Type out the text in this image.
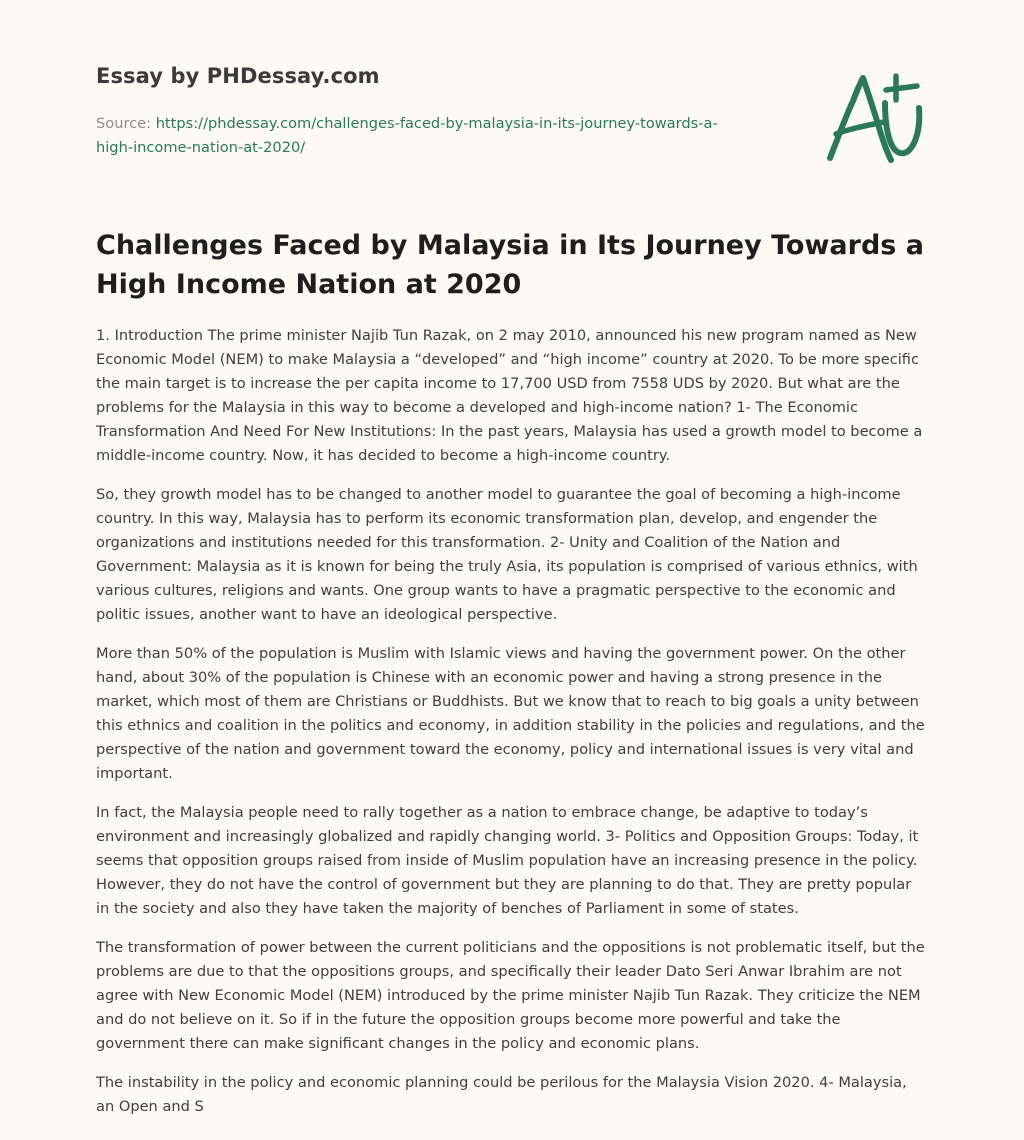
Essay by PHDessay.com
Source: https://phdessay.com/challenges-faced-by-malaysia-in-its-journey-towards-a-high-income-nation-at-2020/
Challenges Faced by Malaysia in Its Journey Towards a High Income Nation at 2020

1. Introduction The prime minister Najib Tun Razak, on 2 may 2010, announced his new program named as New Economic Model (NEM) to make Malaysia a “developed” and “high income” country at 2020. To be more specific the main target is to increase the per capita income to 17,700 USD from 7558 UDS by 2020. But what are the problems for the Malaysia in this way to become a developed and high-income nation? 1- The Economic Transformation And Need For New Institutions: In the past years, Malaysia has used a growth model to become a middle-income country. Now, it has decided to become a high-income country.

So, they growth model has to be changed to another model to guarantee the goal of becoming a high-income country. In this way, Malaysia has to perform its economic transformation plan, develop, and engender the organizations and institutions needed for this transformation. 2- Unity and Coalition of the Nation and Government: Malaysia as it is known for being the truly Asia, its population is comprised of various ethnics, with various cultures, religions and wants. One group wants to have a pragmatic perspective to the economic and politic issues, another want to have an ideological perspective.

More than 50% of the population is Muslim with Islamic views and having the government power. On the other hand, about 30% of the population is Chinese with an economic power and having a strong presence in the market, which most of them are Christians or Buddhists. But we know that to reach to big goals a unity between this ethnics and coalition in the politics and economy, in addition stability in the policies and regulations, and the perspective of the nation and government toward the economy, policy and international issues is very vital and important.

In fact, the Malaysia people need to rally together as a nation to embrace change, be adaptive to today’s environment and increasingly globalized and rapidly changing world. 3- Politics and Opposition Groups: Today, it seems that opposition groups raised from inside of Muslim population have an increasing presence in the policy. However, they do not have the control of government but they are planning to do that. They are pretty popular in the society and also they have taken the majority of benches of Parliament in some of states.

The transformation of power between the current politicians and the oppositions is not problematic itself, but the problems are due to that the oppositions groups, and specifically their leader Dato Seri Anwar Ibrahim are not agree with New Economic Model (NEM) introduced by the prime minister Najib Tun Razak. They criticize the NEM and do not believe on it. So if in the future the opposition groups become more powerful and take the government there can make significant changes in the policy and economic plans.

The instability in the policy and economic planning could be perilous for the Malaysia Vision 2020. 4- Malaysia, an Open and S
